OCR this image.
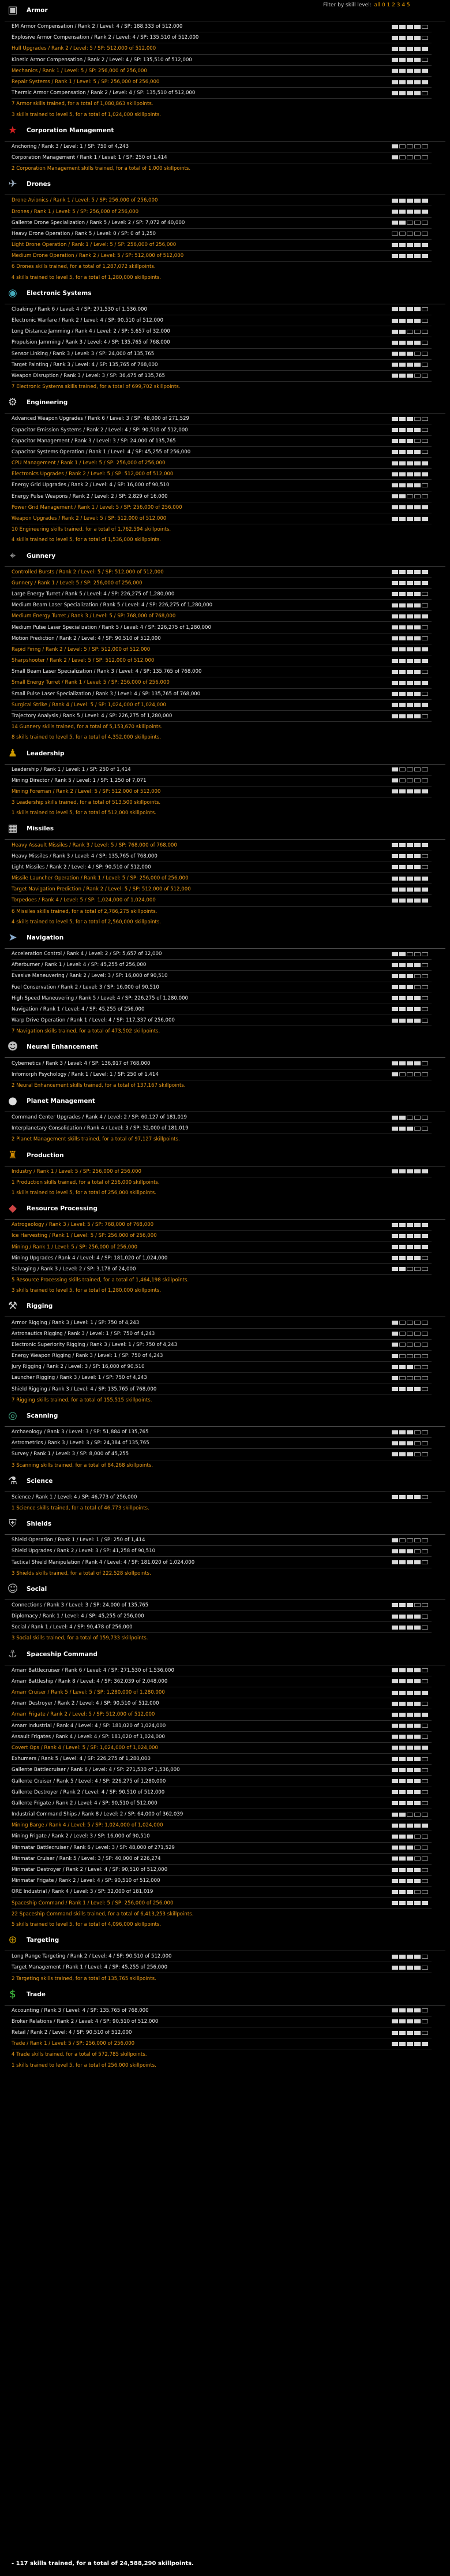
Filter by skill level: all 0 1 2 3 4 5
▣	Armor
EM Armor Compensation / Rank 2 / Level: 4 / SP: 188,333 of 512,000
Explosive Armor Compensation / Rank 2 / Level: 4 / SP: 135,510 of 512,000
Hull Upgrades / Rank 2 / Level: 5 / SP: 512,000 of 512,000
Kinetic Armor Compensation / Rank 2 / Level: 4 / SP: 135,510 of 512,000
Mechanics / Rank 1 / Level: 5 / SP: 256,000 of 256,000
Repair Systems / Rank 1 / Level: 5 / SP: 256,000 of 256,000
Thermic Armor Compensation / Rank 2 / Level: 4 / SP: 135,510 of 512,000
7 Armor skills trained, for a total of 1,080,863 skillpoints.
3 skills trained to level 5, for a total of 1,024,000 skillpoints.
★	Corporation Management
Anchoring / Rank 3 / Level: 1 / SP: 750 of 4,243
Corporation Management / Rank 1 / Level: 1 / SP: 250 of 1,414
2 Corporation Management skills trained, for a total of 1,000 skillpoints.
✈	Drones
Drone Avionics / Rank 1 / Level: 5 / SP: 256,000 of 256,000
Drones / Rank 1 / Level: 5 / SP: 256,000 of 256,000
Gallente Drone Specialization / Rank 5 / Level: 2 / SP: 7,072 of 40,000
Heavy Drone Operation / Rank 5 / Level: 0 / SP: 0 of 1,250
Light Drone Operation / Rank 1 / Level: 5 / SP: 256,000 of 256,000
Medium Drone Operation / Rank 2 / Level: 5 / SP: 512,000 of 512,000
6 Drones skills trained, for a total of 1,287,072 skillpoints.
4 skills trained to level 5, for a total of 1,280,000 skillpoints.
◉	Electronic Systems
Cloaking / Rank 6 / Level: 4 / SP: 271,530 of 1,536,000
Electronic Warfare / Rank 2 / Level: 4 / SP: 90,510 of 512,000
Long Distance Jamming / Rank 4 / Level: 2 / SP: 5,657 of 32,000
Propulsion Jamming / Rank 3 / Level: 4 / SP: 135,765 of 768,000
Sensor Linking / Rank 3 / Level: 3 / SP: 24,000 of 135,765
Target Painting / Rank 3 / Level: 4 / SP: 135,765 of 768,000
Weapon Disruption / Rank 3 / Level: 3 / SP: 36,475 of 135,765
7 Electronic Systems skills trained, for a total of 699,702 skillpoints.
⚙	Engineering
Advanced Weapon Upgrades / Rank 6 / Level: 3 / SP: 48,000 of 271,529
Capacitor Emission Systems / Rank 2 / Level: 4 / SP: 90,510 of 512,000
Capacitor Management / Rank 3 / Level: 3 / SP: 24,000 of 135,765
Capacitor Systems Operation / Rank 1 / Level: 4 / SP: 45,255 of 256,000
CPU Management / Rank 1 / Level: 5 / SP: 256,000 of 256,000
Electronics Upgrades / Rank 2 / Level: 5 / SP: 512,000 of 512,000
Energy Grid Upgrades / Rank 2 / Level: 4 / SP: 16,000 of 90,510
Energy Pulse Weapons / Rank 2 / Level: 2 / SP: 2,829 of 16,000
Power Grid Management / Rank 1 / Level: 5 / SP: 256,000 of 256,000
Weapon Upgrades / Rank 2 / Level: 5 / SP: 512,000 of 512,000
10 Engineering skills trained, for a total of 1,762,594 skillpoints.
4 skills trained to level 5, for a total of 1,536,000 skillpoints.
⌖	Gunnery
Controlled Bursts / Rank 2 / Level: 5 / SP: 512,000 of 512,000
Gunnery / Rank 1 / Level: 5 / SP: 256,000 of 256,000
Large Energy Turret / Rank 5 / Level: 4 / SP: 226,275 of 1,280,000
Medium Beam Laser Specialization / Rank 5 / Level: 4 / SP: 226,275 of 1,280,000
Medium Energy Turret / Rank 3 / Level: 5 / SP: 768,000 of 768,000
Medium Pulse Laser Specialization / Rank 5 / Level: 4 / SP: 226,275 of 1,280,000
Motion Prediction / Rank 2 / Level: 4 / SP: 90,510 of 512,000
Rapid Firing / Rank 2 / Level: 5 / SP: 512,000 of 512,000
Sharpshooter / Rank 2 / Level: 5 / SP: 512,000 of 512,000
Small Beam Laser Specialization / Rank 3 / Level: 4 / SP: 135,765 of 768,000
Small Energy Turret / Rank 1 / Level: 5 / SP: 256,000 of 256,000
Small Pulse Laser Specialization / Rank 3 / Level: 4 / SP: 135,765 of 768,000
Surgical Strike / Rank 4 / Level: 5 / SP: 1,024,000 of 1,024,000
Trajectory Analysis / Rank 5 / Level: 4 / SP: 226,275 of 1,280,000
14 Gunnery skills trained, for a total of 5,153,670 skillpoints.
8 skills trained to level 5, for a total of 4,352,000 skillpoints.
♟	Leadership
Leadership / Rank 1 / Level: 1 / SP: 250 of 1,414
Mining Director / Rank 5 / Level: 1 / SP: 1,250 of 7,071
Mining Foreman / Rank 2 / Level: 5 / SP: 512,000 of 512,000
3 Leadership skills trained, for a total of 513,500 skillpoints.
1 skills trained to level 5, for a total of 512,000 skillpoints.
▦	Missiles
Heavy Assault Missiles / Rank 3 / Level: 5 / SP: 768,000 of 768,000
Heavy Missiles / Rank 3 / Level: 4 / SP: 135,765 of 768,000
Light Missiles / Rank 2 / Level: 4 / SP: 90,510 of 512,000
Missile Launcher Operation / Rank 1 / Level: 5 / SP: 256,000 of 256,000
Target Navigation Prediction / Rank 2 / Level: 5 / SP: 512,000 of 512,000
Torpedoes / Rank 4 / Level: 5 / SP: 1,024,000 of 1,024,000
6 Missiles skills trained, for a total of 2,786,275 skillpoints.
4 skills trained to level 5, for a total of 2,560,000 skillpoints.
➤	Navigation
Acceleration Control / Rank 4 / Level: 2 / SP: 5,657 of 32,000
Afterburner / Rank 1 / Level: 4 / SP: 45,255 of 256,000
Evasive Maneuvering / Rank 2 / Level: 3 / SP: 16,000 of 90,510
Fuel Conservation / Rank 2 / Level: 3 / SP: 16,000 of 90,510
High Speed Maneuvering / Rank 5 / Level: 4 / SP: 226,275 of 1,280,000
Navigation / Rank 1 / Level: 4 / SP: 45,255 of 256,000
Warp Drive Operation / Rank 1 / Level: 4 / SP: 117,337 of 256,000
7 Navigation skills trained, for a total of 473,502 skillpoints.
☻	Neural Enhancement
Cybernetics / Rank 3 / Level: 4 / SP: 136,917 of 768,000
Infomorph Psychology / Rank 1 / Level: 1 / SP: 250 of 1,414
2 Neural Enhancement skills trained, for a total of 137,167 skillpoints.
●	Planet Management
Command Center Upgrades / Rank 4 / Level: 2 / SP: 60,127 of 181,019
Interplanetary Consolidation / Rank 4 / Level: 3 / SP: 32,000 of 181,019
2 Planet Management skills trained, for a total of 97,127 skillpoints.
♜	Production
Industry / Rank 1 / Level: 5 / SP: 256,000 of 256,000
1 Production skills trained, for a total of 256,000 skillpoints.
1 skills trained to level 5, for a total of 256,000 skillpoints.
◆	Resource Processing
Astrogeology / Rank 3 / Level: 5 / SP: 768,000 of 768,000
Ice Harvesting / Rank 1 / Level: 5 / SP: 256,000 of 256,000
Mining / Rank 1 / Level: 5 / SP: 256,000 of 256,000
Mining Upgrades / Rank 4 / Level: 4 / SP: 181,020 of 1,024,000
Salvaging / Rank 3 / Level: 2 / SP: 3,178 of 24,000
5 Resource Processing skills trained, for a total of 1,464,198 skillpoints.
3 skills trained to level 5, for a total of 1,280,000 skillpoints.
⚒	Rigging
Armor Rigging / Rank 3 / Level: 1 / SP: 750 of 4,243
Astronautics Rigging / Rank 3 / Level: 1 / SP: 750 of 4,243
Electronic Superiority Rigging / Rank 3 / Level: 1 / SP: 750 of 4,243
Energy Weapon Rigging / Rank 3 / Level: 1 / SP: 750 of 4,243
Jury Rigging / Rank 2 / Level: 3 / SP: 16,000 of 90,510
Launcher Rigging / Rank 3 / Level: 1 / SP: 750 of 4,243
Shield Rigging / Rank 3 / Level: 4 / SP: 135,765 of 768,000
7 Rigging skills trained, for a total of 155,515 skillpoints.
◎	Scanning
Archaeology / Rank 3 / Level: 3 / SP: 51,884 of 135,765
Astrometrics / Rank 3 / Level: 3 / SP: 24,384 of 135,765
Survey / Rank 1 / Level: 3 / SP: 8,000 of 45,255
3 Scanning skills trained, for a total of 84,268 skillpoints.
⚗	Science
Science / Rank 1 / Level: 4 / SP: 46,773 of 256,000
1 Science skills trained, for a total of 46,773 skillpoints.
⛨	Shields
Shield Operation / Rank 1 / Level: 1 / SP: 250 of 1,414
Shield Upgrades / Rank 2 / Level: 3 / SP: 41,258 of 90,510
Tactical Shield Manipulation / Rank 4 / Level: 4 / SP: 181,020 of 1,024,000
3 Shields skills trained, for a total of 222,528 skillpoints.
☺	Social
Connections / Rank 3 / Level: 3 / SP: 24,000 of 135,765
Diplomacy / Rank 1 / Level: 4 / SP: 45,255 of 256,000
Social / Rank 1 / Level: 4 / SP: 90,478 of 256,000
3 Social skills trained, for a total of 159,733 skillpoints.
⚓	Spaceship Command
Amarr Battlecruiser / Rank 6 / Level: 4 / SP: 271,530 of 1,536,000
Amarr Battleship / Rank 8 / Level: 4 / SP: 362,039 of 2,048,000
Amarr Cruiser / Rank 5 / Level: 5 / SP: 1,280,000 of 1,280,000
Amarr Destroyer / Rank 2 / Level: 4 / SP: 90,510 of 512,000
Amarr Frigate / Rank 2 / Level: 5 / SP: 512,000 of 512,000
Amarr Industrial / Rank 4 / Level: 4 / SP: 181,020 of 1,024,000
Assault Frigates / Rank 4 / Level: 4 / SP: 181,020 of 1,024,000
Covert Ops / Rank 4 / Level: 5 / SP: 1,024,000 of 1,024,000
Exhumers / Rank 5 / Level: 4 / SP: 226,275 of 1,280,000
Gallente Battlecruiser / Rank 6 / Level: 4 / SP: 271,530 of 1,536,000
Gallente Cruiser / Rank 5 / Level: 4 / SP: 226,275 of 1,280,000
Gallente Destroyer / Rank 2 / Level: 4 / SP: 90,510 of 512,000
Gallente Frigate / Rank 2 / Level: 4 / SP: 90,510 of 512,000
Industrial Command Ships / Rank 8 / Level: 2 / SP: 64,000 of 362,039
Mining Barge / Rank 4 / Level: 5 / SP: 1,024,000 of 1,024,000
Mining Frigate / Rank 2 / Level: 3 / SP: 16,000 of 90,510
Minmatar Battlecruiser / Rank 6 / Level: 3 / SP: 48,000 of 271,529
Minmatar Cruiser / Rank 5 / Level: 3 / SP: 40,000 of 226,274
Minmatar Destroyer / Rank 2 / Level: 4 / SP: 90,510 of 512,000
Minmatar Frigate / Rank 2 / Level: 4 / SP: 90,510 of 512,000
ORE Industrial / Rank 4 / Level: 3 / SP: 32,000 of 181,019
Spaceship Command / Rank 1 / Level: 5 / SP: 256,000 of 256,000
22 Spaceship Command skills trained, for a total of 6,413,253 skillpoints.
5 skills trained to level 5, for a total of 4,096,000 skillpoints.
⊕	Targeting
Long Range Targeting / Rank 2 / Level: 4 / SP: 90,510 of 512,000
Target Management / Rank 1 / Level: 4 / SP: 45,255 of 256,000
2 Targeting skills trained, for a total of 135,765 skillpoints.
$	Trade
Accounting / Rank 3 / Level: 4 / SP: 135,765 of 768,000
Broker Relations / Rank 2 / Level: 4 / SP: 90,510 of 512,000
Retail / Rank 2 / Level: 4 / SP: 90,510 of 512,000
Trade / Rank 1 / Level: 5 / SP: 256,000 of 256,000
4 Trade skills trained, for a total of 572,785 skillpoints.
1 skills trained to level 5, for a total of 256,000 skillpoints.
- 117 skills trained, for a total of 24,588,290 skillpoints.
